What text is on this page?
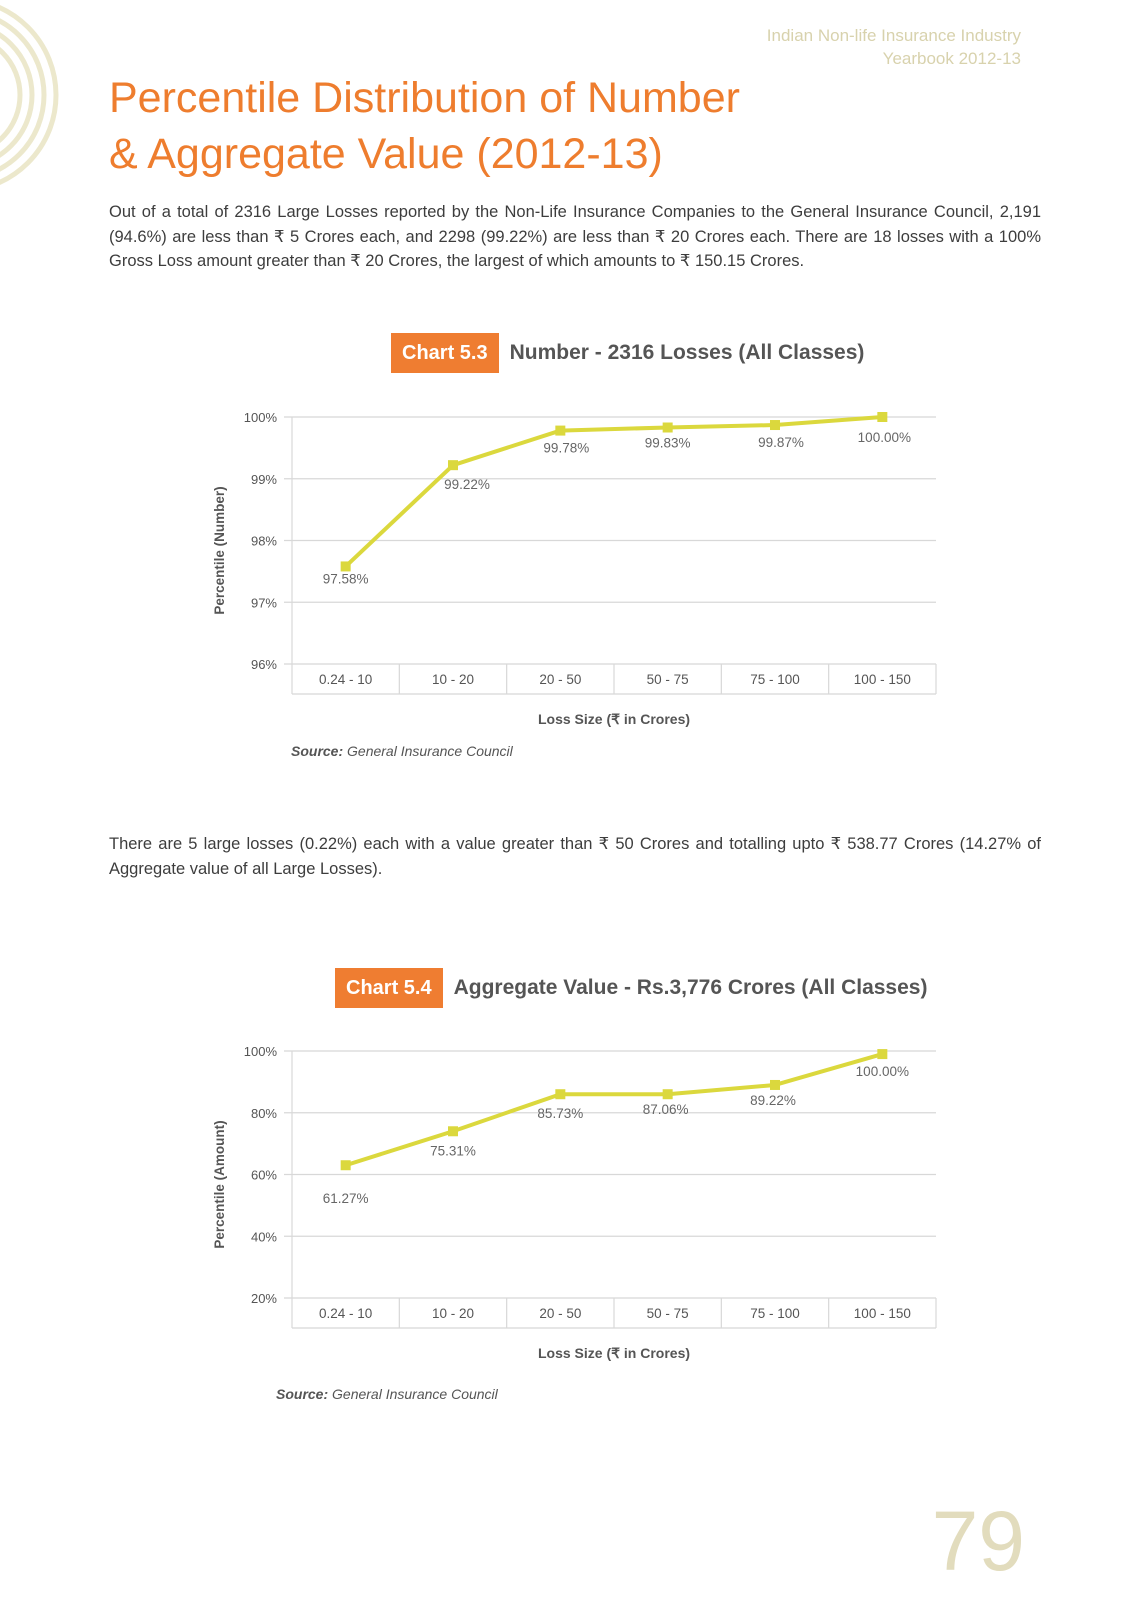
Indian Non-life Insurance Industry
Yearbook 2012-13
Percentile Distribution of Number
& Aggregate Value (2012-13)

Out of a total of 2316 Large Losses reported by the Non-Life Insurance Companies to the General Insurance Council, 2,191 (94.6%) are less than ₹ 5 Crores each, and 2298 (99.22%) are less than ₹ 20 Crores each. There are 18 losses with a 100% Gross Loss amount greater than ₹ 20 Crores, the largest of which amounts to ₹ 150.15 Crores.

Chart 5.3	Number - 2316 Losses (All Classes)
96%
97%
98%
99%
100%
0.24 - 10	10 - 20	20 - 50	50 - 75	75 - 100	100 - 150
97.58%
99.22%
99.78%	99.83%	99.87%	100.00%
Loss Size (₹ in Crores)
Percentile (Number)
Source: General Insurance Council

There are 5 large losses (0.22%) each with a value greater than ₹ 50 Crores and totalling upto ₹ 538.77 Crores (14.27% of Aggregate value of all Large Losses).

Chart 5.4	Aggregate Value - Rs.3,776 Crores (All Classes)
20%
40%
60%
80%
100%
0.24 - 10	10 - 20	20 - 50	50 - 75	75 - 100	100 - 150
61.27%
75.31%
85.73%	87.06%
89.22%
100.00%
Loss Size (₹ in Crores)
Percentile (Amount)
Source: General Insurance Council
79
